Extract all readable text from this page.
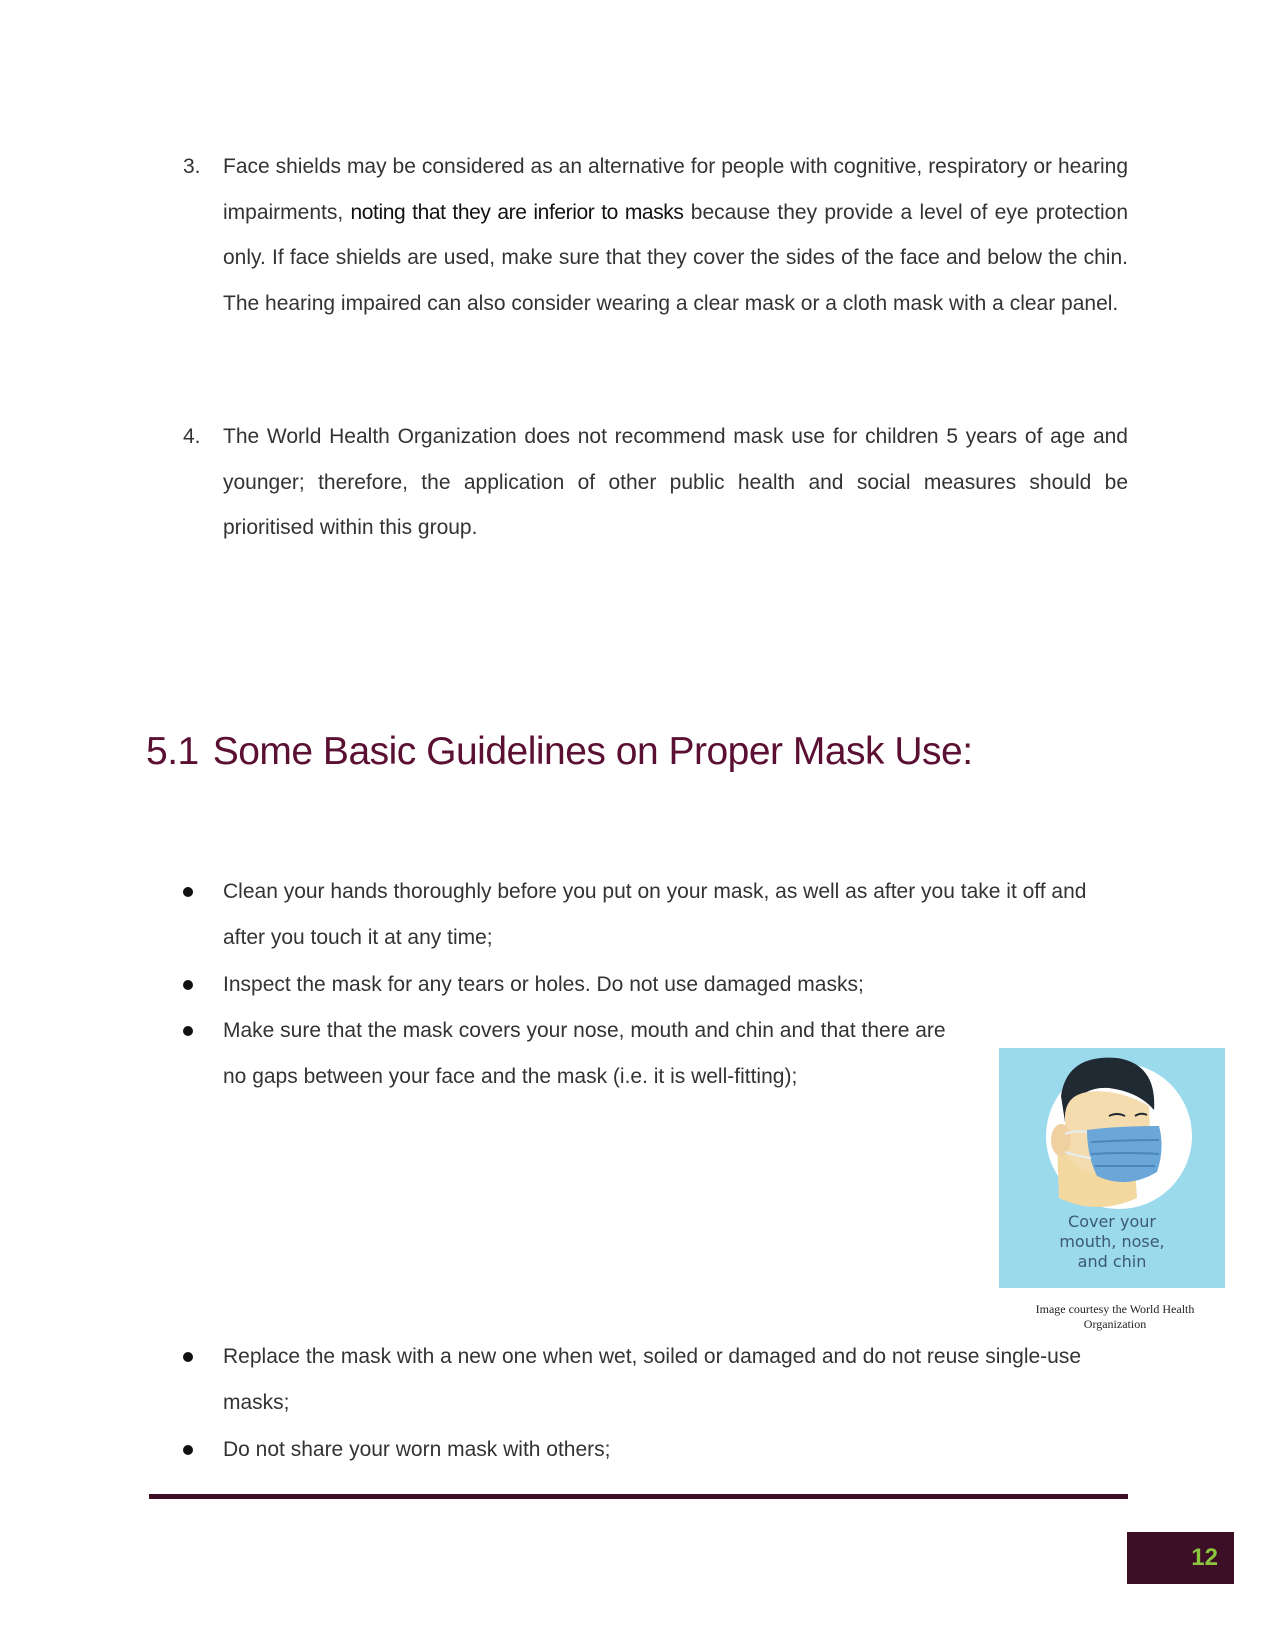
3. Face shields may be considered as an alternative for people with cognitive, respiratory or hearing impairments, noting that they are inferior to masks because they provide a level of eye protection only. If face shields are used, make sure that they cover the sides of the face and below the chin. The hearing impaired can also consider wearing a clear mask or a cloth mask with a clear panel.
4. The World Health Organization does not recommend mask use for children 5 years of age and younger; therefore, the application of other public health and social measures should be prioritised within this group.
5.1 Some Basic Guidelines on Proper Mask Use:
Clean your hands thoroughly before you put on your mask, as well as after you take it off and after you touch it at any time;
Inspect the mask for any tears or holes. Do not use damaged masks;
Make sure that the mask covers your nose, mouth and chin and that there are no gaps between your face and the mask (i.e. it is well-fitting);
Cover your
mouth, nose,
and chin
Image courtesy the World Health Organization
Replace the mask with a new one when wet, soiled or damaged and do not reuse single-use masks;
Do not share your worn mask with others;
12
